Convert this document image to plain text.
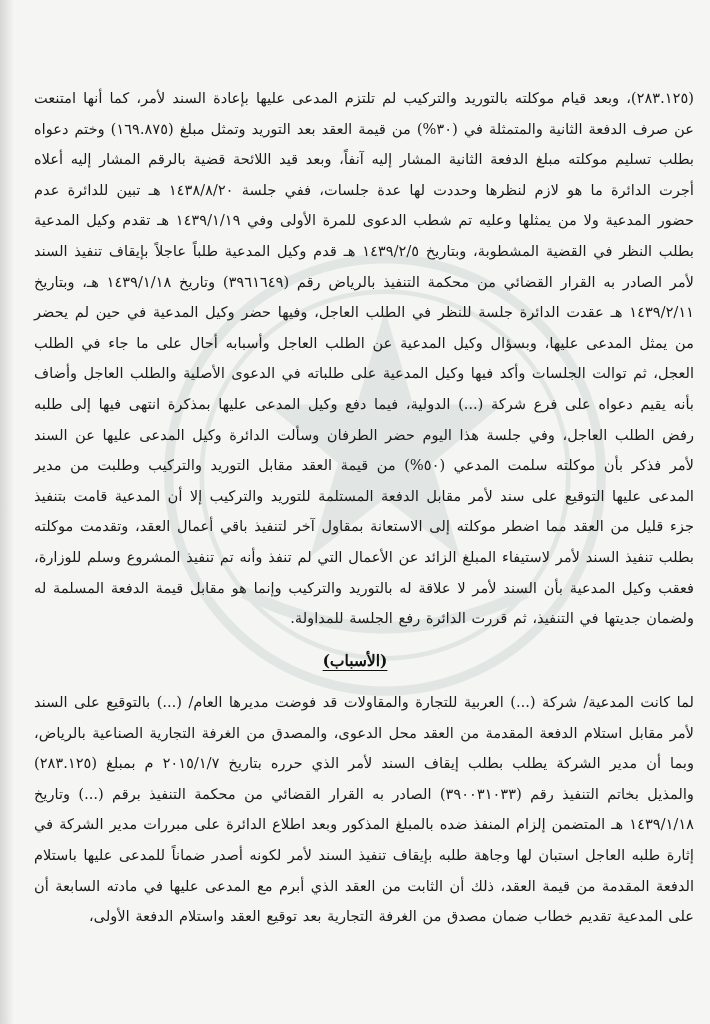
(٢٨٣.١٢٥)، وبعد قيام موكلته بالتوريد والتركيب لم تلتزم المدعى عليها بإعادة السند لأمر، كما أنها امتنعت عن صرف الدفعة الثانية والمتمثلة في (٣٠%) من قيمة العقد بعد التوريد وتمثل مبلغ (١٦٩.٨٧٥) وختم دعواه بطلب تسليم موكلته مبلغ الدفعة الثانية المشار إليه آنفاً، وبعد قيد اللائحة قضية بالرقم المشار إليه أعلاه أجرت الدائرة ما هو لازم لنظرها وحددت لها عدة جلسات، ففي جلسة ١٤٣٨/٨/٢٠ هـ تبين للدائرة عدم حضور المدعية ولا من يمثلها وعليه تم شطب الدعوى للمرة الأولى وفي ١٤٣٩/١/١٩ هـ تقدم وكيل المدعية بطلب النظر في القضية المشطوبة، وبتاريخ ١٤٣٩/٢/٥ هـ قدم وكيل المدعية طلباً عاجلاً بإيقاف تنفيذ السند لأمر الصادر به القرار القضائي من محكمة التنفيذ بالرياض رقم (٣٩٦١٦٤٩) وتاريخ ١٤٣٩/١/١٨ هـ، وبتاريخ ١٤٣٩/٢/١١ هـ عقدت الدائرة جلسة للنظر في الطلب العاجل، وفيها حضر وكيل المدعية في حين لم يحضر من يمثل المدعى عليها، وبسؤال وكيل المدعية عن الطلب العاجل وأسبابه أحال على ما جاء في الطلب العجل، ثم توالت الجلسات وأكد فيها وكيل المدعية على طلباته في الدعوى الأصلية والطلب العاجل وأضاف بأنه يقيم دعواه على فرع شركة (...) الدولية، فيما دفع وكيل المدعى عليها بمذكرة انتهى فيها إلى طلبه رفض الطلب العاجل، وفي جلسة هذا اليوم حضر الطرفان وسألت الدائرة وكيل المدعى عليها عن السند لأمر فذكر بأن موكلته سلمت المدعي (٥٠%) من قيمة العقد مقابل التوريد والتركيب وطلبت من مدير المدعى عليها التوقيع على سند لأمر مقابل الدفعة المستلمة للتوريد والتركيب إلا أن المدعية قامت بتنفيذ جزء قليل من العقد مما اضطر موكلته إلى الاستعانة بمقاول آخر لتنفيذ باقي أعمال العقد، وتقدمت موكلته بطلب تنفيذ السند لأمر لاستيفاء المبلغ الزائد عن الأعمال التي لم تنفذ وأنه تم تنفيذ المشروع وسلم للوزارة، فعقب وكيل المدعية بأن السند لأمر لا علاقة له بالتوريد والتركيب وإنما هو مقابل قيمة الدفعة المسلمة له ولضمان جديتها في التنفيذ، ثم قررت الدائرة رفع الجلسة للمداولة.

(الأسباب)

لما كانت المدعية/ شركة (...) العربية للتجارة والمقاولات قد فوضت مديرها العام/ (...) بالتوقيع على السند لأمر مقابل استلام الدفعة المقدمة من العقد محل الدعوى، والمصدق من الغرفة التجارية الصناعية بالرياض، وبما أن مدير الشركة يطلب بطلب إيقاف السند لأمر الذي حرره بتاريخ ٢٠١٥/١/٧ م بمبلغ (٢٨٣.١٢٥) والمذيل بخاتم التنفيذ رقم (٣٩٠٠٣١٠٣٣) الصادر به القرار القضائي من محكمة التنفيذ برقم (...) وتاريخ ١٤٣٩/١/١٨ هـ المتضمن إلزام المنفذ ضده بالمبلغ المذكور وبعد اطلاع الدائرة على مبررات مدير الشركة في إثارة طلبه العاجل استبان لها وجاهة طلبه بإيقاف تنفيذ السند لأمر لكونه أصدر ضماناً للمدعى عليها باستلام الدفعة المقدمة من قيمة العقد، ذلك أن الثابت من العقد الذي أبرم مع المدعى عليها في مادته السابعة أن على المدعية تقديم خطاب ضمان مصدق من الغرفة التجارية بعد توقيع العقد واستلام الدفعة الأولى،
